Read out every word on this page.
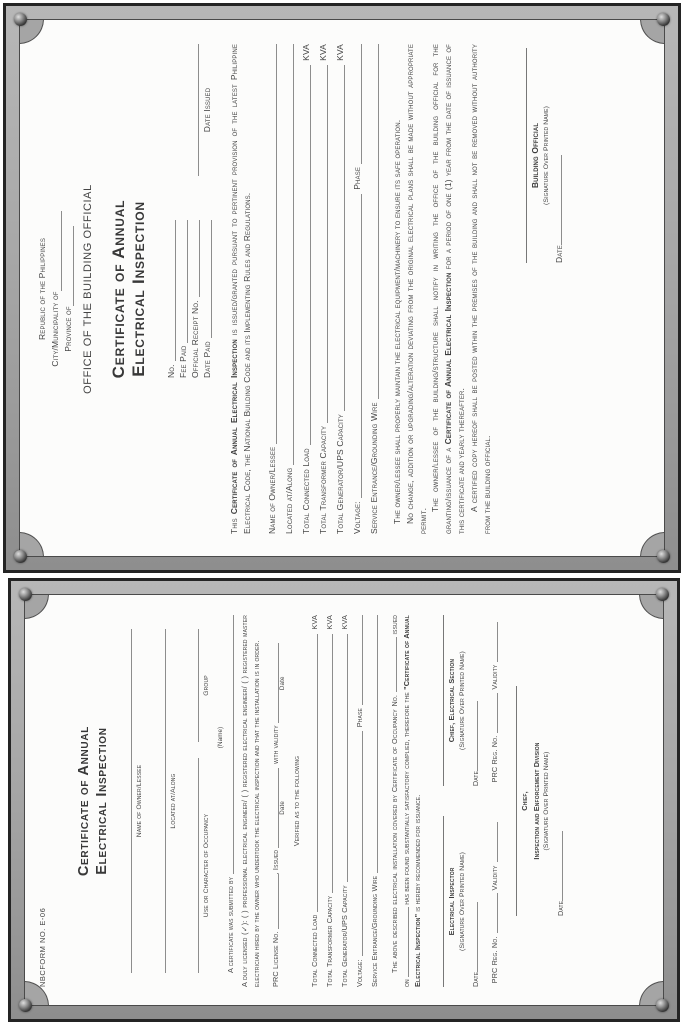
Republic of the Philippines City/Municipality of Province of OFFICE OF THE BUILDING OFFICIAL Certificate of Annual Electrical Inspection No. Fee Paid Official Receipt No. Date Paid
Date Issued

This Certificate of Annual Electrical Inspection is issued/granted pursuant to pertinent provision of the latest Philippine Electrical Code, the National Building Code and its Implementing Rules and Regulations. Name of Owner/Lessee Located at/Along Total Connected Load
KVA
Total Transformer Capacity
KVA
Total Generator/UPS Capacity
KVA
Voltage:
Phase
Service Entrance/Grounding Wire The owner/lessee shall properly maintain the electrical equipment/machinery to ensure its safe operation. No change, addition or upgrading/alteration deviating from the original electrical plans shall be made without appropriate permit.

The owner/lessee of the building/structure shall notify in writing the office of the building official for the granting/issuance of a Certificate of Annual Electrical Inspection for a period of one (1) year from the date of issuance of this certificate and yearly thereafter. A certified copy hereof shall be posted within the premises of the building and shall not be removed without authority from the building official.

Building Official (Signature Over Printed Name)
Date
NBCFORM NO. E-06
Certificate of Annual Electrical Inspection	Name of Owner/Lessee	Located at/Along
Use or Character of Occupancy
Group
A certificate was submitted by
(Name) A duly licensed (✓): ( ) professional electrical engineer/ ( ) registered electrical engineer/ ( ) registered master electrician hired by the owner who undertook the electrical inspection and that the installation is in order. PRC License No.
, Issued
Date
with validity
Date
Verified as to the following
Total Connected Load
KVA
Total Transformer Capacity
KVA
Total Generator/UPS Capacity
KVA
Voltage:
Phase
Service Entrance/Grounding Wire The above described electrical installation covered by Certificate of Occupancy No.  issued on  has been found substantially satisfactory complied, therefore the "Certificate of Annual Electrical Inspection" is hereby recommended for issuance.	Electrical Inspector (Signature Over Printed Name)
Date
Chief, Electrical Section (Signature Over Printed Name)
Date
PRC Reg. No.
Validity
PRC Reg. No.
Validity
Chief, Inspection and Enforcement Division (Signature Over Printed Name)
Date
